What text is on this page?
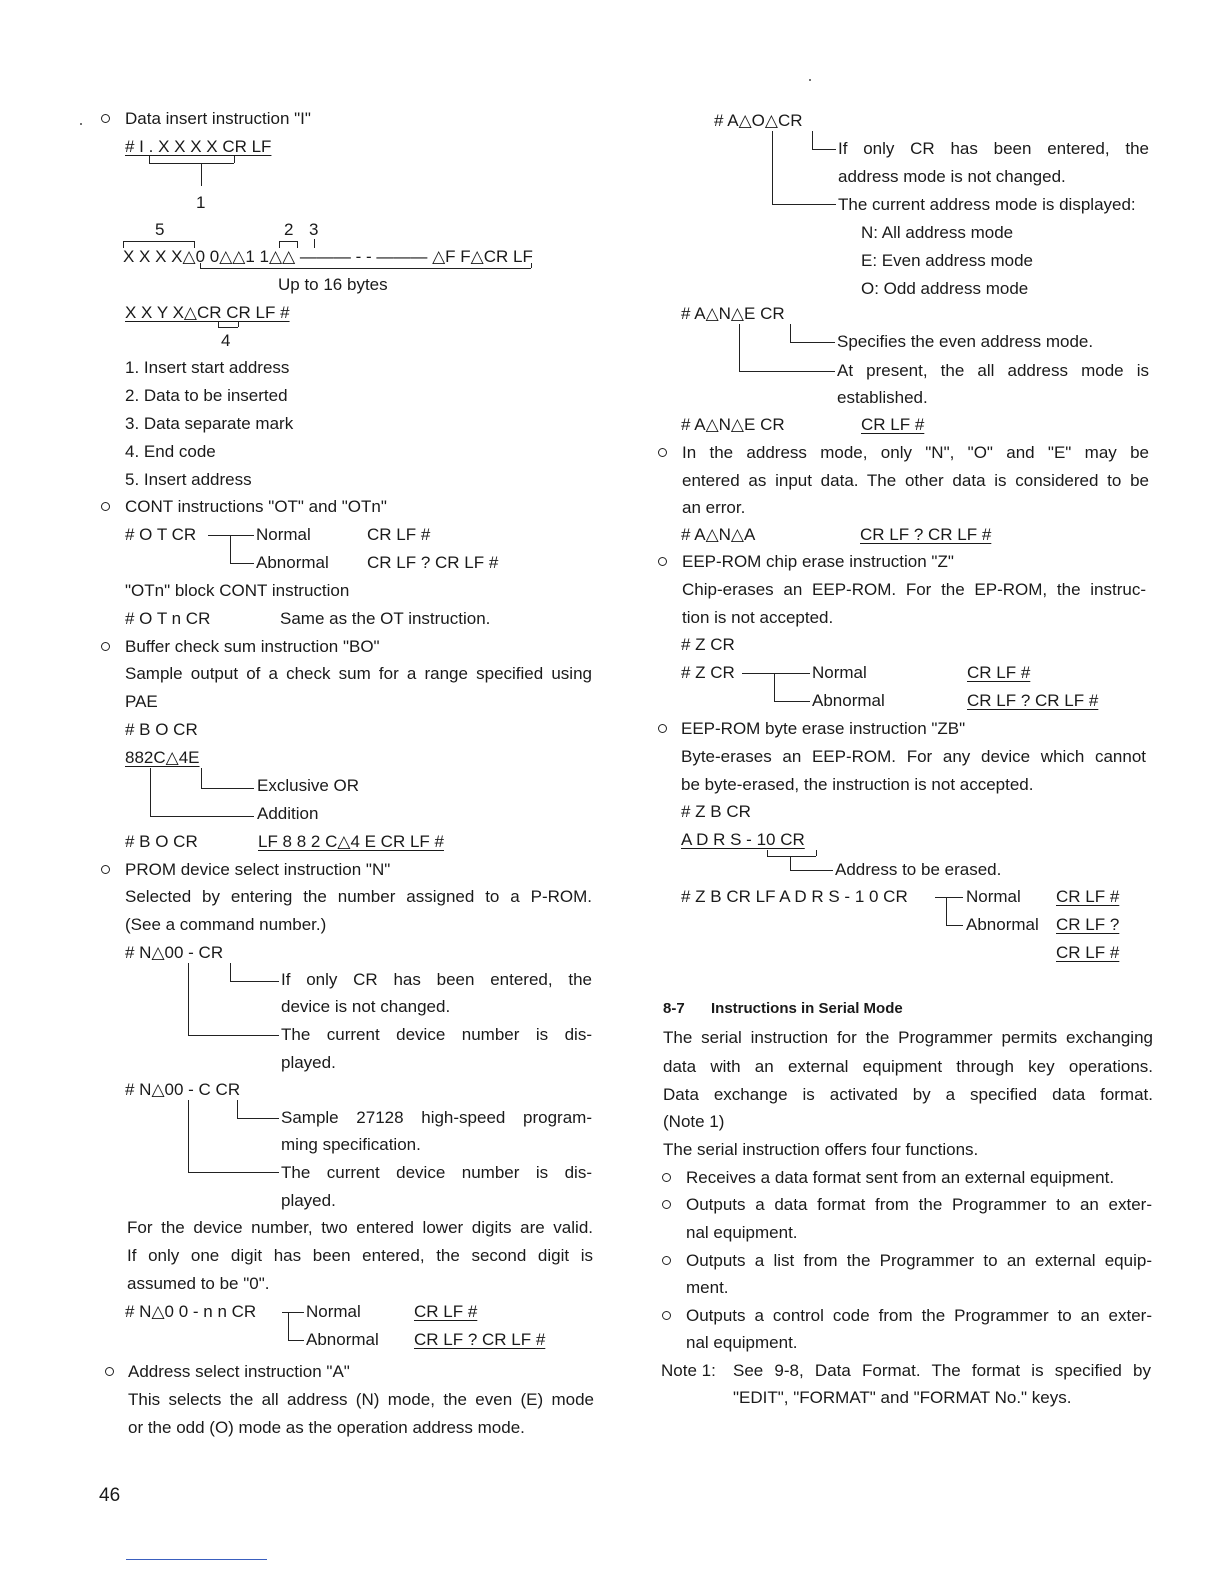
Data insert instruction "I"
# I . X X X X CR LF
1
5	2 3
X X X X△0 0△△1 1△△ ——— - - ——— △F F△CR LF
Up to 16 bytes
X X Y X△CR CR LF #
4
1. Insert start address
2. Data to be inserted
3. Data separate mark
4. End code
5. Insert address
CONT instructions "OT" and "OTn"
# O T CR	Normal	CR LF #
Abnormal CR LF ? CR LF #
"OTn" block CONT instruction
# O T n CR	Same as the OT instruction.
Buffer check sum instruction "BO"
Sample output of a check sum for a range specified using
PAE
# B O CR
882C△4E
Exclusive OR
Addition
# B O CR	LF 8 8 2 C△4 E CR LF #
PROM device select instruction "N"
Selected by entering the number assigned to a P-ROM.
(See a command number.)
# N△00 - CR
If only CR has been entered, the
device is not changed.
The current device number is dis-
played.
# N△00 - C CR
Sample 27128 high-speed program-
ming specification.
The current device number is dis-
played.
For the device number, two entered lower digits are valid.
If only one digit has been entered, the second digit is
assumed to be "0".
# N△0 0 - n n CR	Normal	CR LF #
Abnormal CR LF ? CR LF #
Address select instruction "A"
This selects the all address (N) mode, the even (E) mode
or the odd (O) mode as the operation address mode.
46
# A△O△CR
If only CR has been entered, the
address mode is not changed.
The current address mode is displayed:
N: All address mode
E: Even address mode
O: Odd address mode
# A△N△E CR
Specifies the even address mode.
At present, the all address mode is
established.
# A△N△E CR	CR LF #
In the address mode, only "N", "O" and "E" may be
entered as input data. The other data is considered to be
an error.
# A△N△A	CR LF ? CR LF #
EEP-ROM chip erase instruction "Z"
Chip-erases an EEP-ROM. For the EP-ROM, the instruc-
tion is not accepted.
# Z CR
# Z CR	Normal	CR LF #
Abnormal	CR LF ? CR LF #
EEP-ROM byte erase instruction "ZB"
Byte-erases an EEP-ROM. For any device which cannot
be byte-erased, the instruction is not accepted.
# Z B CR
A D R S - 10 CR
Address to be erased.
# Z B CR LF A D R S - 1 0 CR	Normal CR LF #
Abnormal CR LF ?
CR LF #
8-7 Instructions in Serial Mode
The serial instruction for the Programmer permits exchanging
data with an external equipment through key operations.
Data exchange is activated by a specified data format.
(Note 1)
The serial instruction offers four functions.
Receives a data format sent from an external equipment.
Outputs a data format from the Programmer to an exter-
nal equipment.
Outputs a list from the Programmer to an external equip-
ment.
Outputs a control code from the Programmer to an exter-
nal equipment.
Note 1: See 9-8, Data Format. The format is specified by
"EDIT", "FORMAT" and "FORMAT No." keys.
